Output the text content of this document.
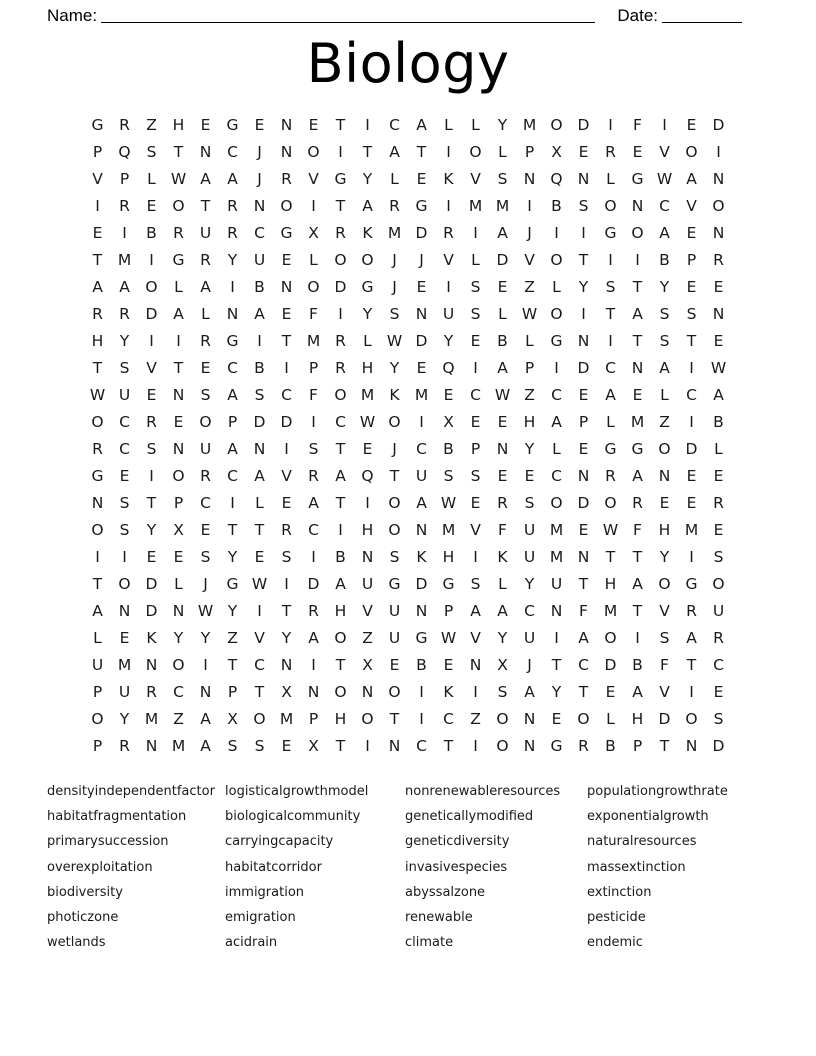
Name:	Date:
Biology
G	R	Z	H	E	G	E	N	E	T	I	C	A	L	L	Y	M O D	I	F	I	E	D
P	Q	S	T	N	C	J	N O	I	T	A	T	I	O	L	P	X	E	R	E	V	O	I
V	P	L W A	A	J	R	V	G	Y	L	E	K	V	S	N Q N	L	G W A	N
I	R	E	O	T	R	N O	I	T	A	R	G	I	M M	I	B	S	O N	C	V	O
E	I	B	R	U	R	C	G	X	R	K M D	R	I	A	J	I	I	G O	A	E	N
T	M	I	G	R	Y	U	E	L	O O	J	J	V	L	D	V	O	T	I	I	B	P	R
A	A	O	L	A	I	B	N O D G	J	E	I	S	E	Z	L	Y	S	T	Y	E	E
R	R	D	A	L	N	A	E	F	I	Y	S	N	U	S	L W O	I	T	A	S	S	N
H	Y	I	I	R	G	I	T	M R	L W D	Y	E	B	L	G N	I	T	S	T	E
T	S	V	T	E	C	B	I	P	R	H	Y	E	Q	I	A	P	I	D	C	N	A	I	W
W U	E	N	S	A	S	C	F	O M K M E	C W Z	C	E	A	E	L	C	A
O C	R	E	O	P	D D	I	C W O	I	X	E	E	H	A	P	L	M Z	I	B
R	C	S	N	U	A	N	I	S	T	E	J	C	B	P	N	Y	L	E	G G O D	L
G	E	I	O	R	C	A	V	R	A	Q	T	U	S	S	E	E	C	N	R	A	N	E	E
N	S	T	P	C	I	L	E	A	T	I	O	A W E	R	S	O D O	R	E	E	R
O	S	Y	X	E	T	T	R	C	I	H O N M V	F	U M E W F	H M E
I	I	E	E	S	Y	E	S	I	B	N	S	K	H	I	K	U M N	T	T	Y	I	S
T	O D	L	J	G W	I	D	A	U G D G	S	L	Y	U	T	H	A	O G O
A	N D N W Y	I	T	R	H	V	U	N	P	A	A	C	N	F	M	T	V	R	U
L	E	K	Y	Y	Z	V	Y	A	O	Z	U G W V	Y	U	I	A	O	I	S	A	R
U M N O	I	T	C	N	I	T	X	E	B	E	N	X	J	T	C	D	B	F	T	C
P	U	R	C	N	P	T	X	N O N O	I	K	I	S	A	Y	T	E	A	V	I	E
O	Y	M Z	A	X	O M	P	H O	T	I	C	Z	O N	E	O	L	H D O	S
P	R	N M A	S	S	E	X	T	I	N	C	T	I	O N G	R	B	P	T	N D
densityindependentfactor
habitatfragmentation
primarysuccession
overexploitation
biodiversity
photiczone
wetlands
logisticalgrowthmodel
biologicalcommunity
carryingcapacity
habitatcorridor
immigration
emigration
acidrain
nonrenewableresources
geneticallymodified
geneticdiversity
invasivespecies
abyssalzone
renewable
climate
populationgrowthrate
exponentialgrowth
naturalresources
massextinction
extinction
pesticide
endemic
